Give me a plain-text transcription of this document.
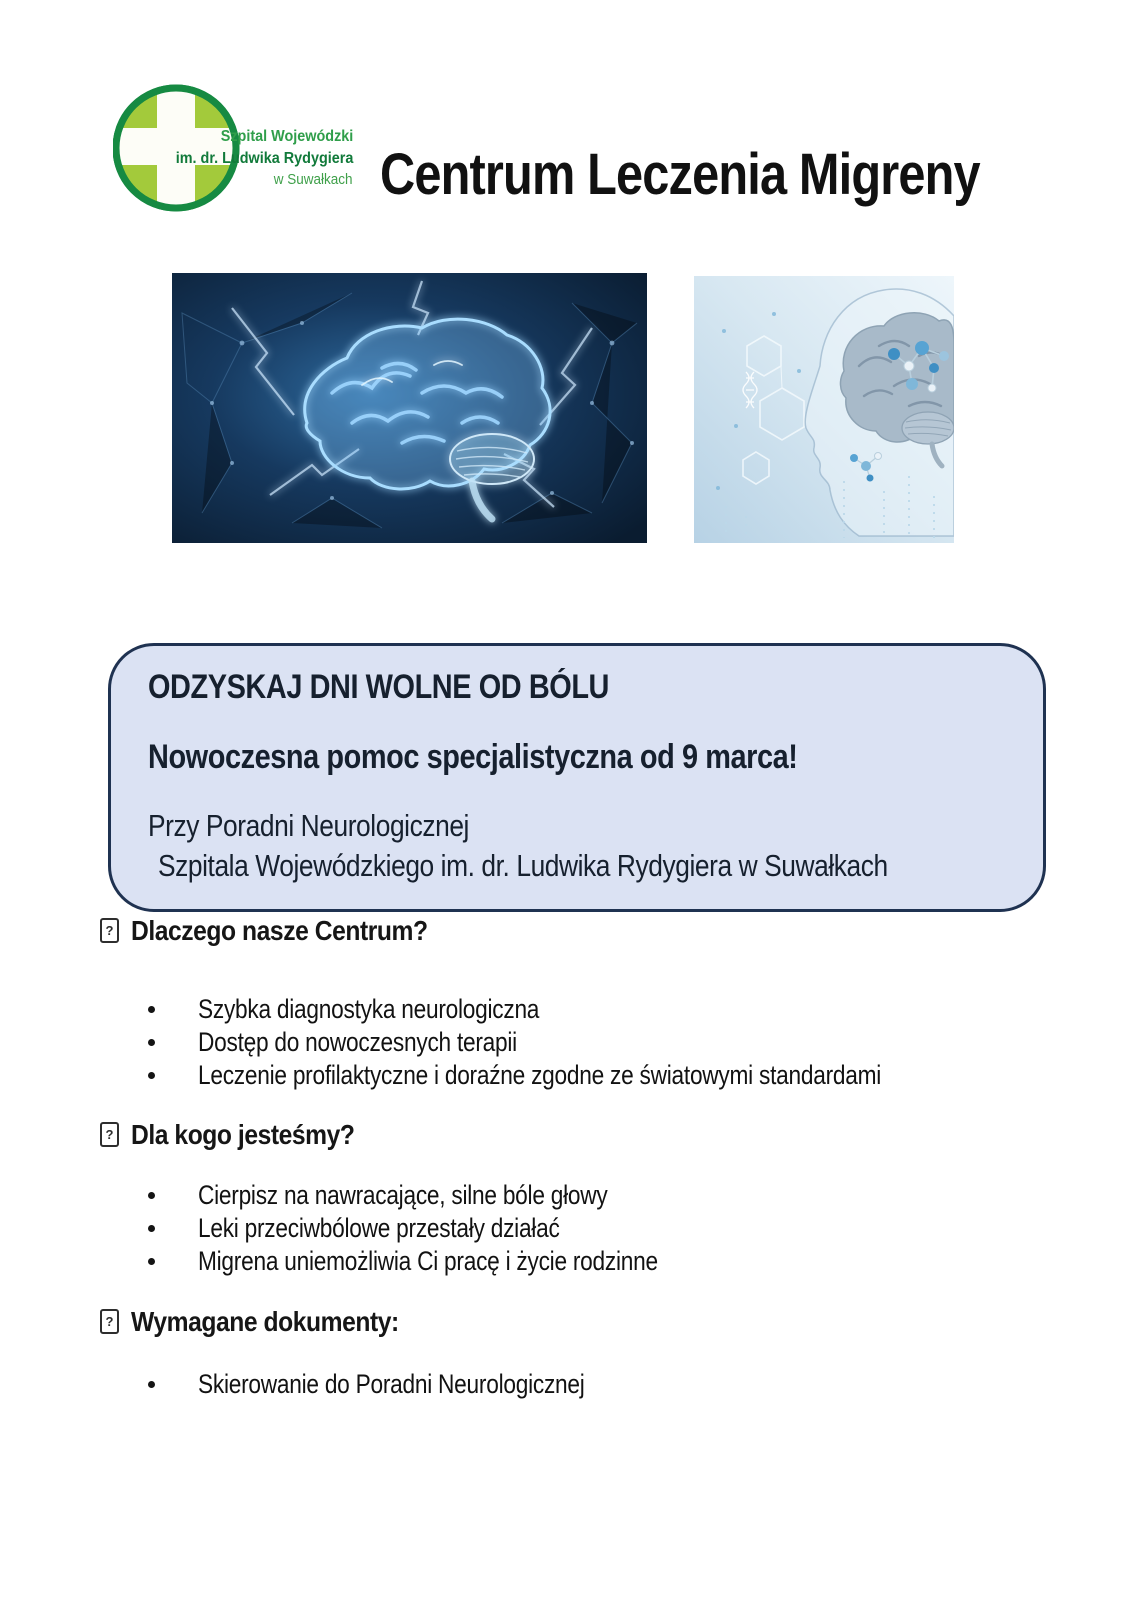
Szpital Wojewódzki
im. dr. Ludwika Rydygiera
w Suwałkach Centrum Leczenia Migreny
ODZYSKAJ DNI WOLNE OD BÓLU
Nowoczesna pomoc specjalistyczna od 9 marca!
Przy Poradni Neurologicznej
Szpitala Wojewódzkiego im. dr. Ludwika Rydygiera w Suwałkach
? Dlaczego nasze Centrum?
Szybka diagnostyka neurologiczna
Dostęp do nowoczesnych terapii
Leczenie profilaktyczne i doraźne zgodne ze światowymi standardami
? Dla kogo jesteśmy?
Cierpisz na nawracające, silne bóle głowy
Leki przeciwbólowe przestały działać
Migrena uniemożliwia Ci pracę i życie rodzinne
? Wymagane dokumenty:
Skierowanie do Poradni Neurologicznej
